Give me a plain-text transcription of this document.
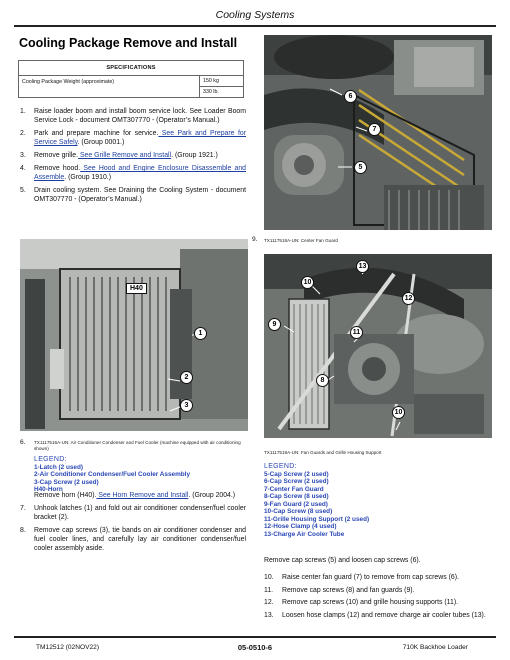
Cooling Systems
Cooling Package Remove and Install
SPECIFICATIONS
Cooling Package Weight (approximate)	150 kg
330 lb.
1.	Raise loader boom and install boom service lock. See Loader Boom Service Lock - document OMT307770 - (Operator’s Manual.)
2.	Park and prepare machine for service. See Park and Prepare for Service Safely. (Group 0001.)
3.	Remove grille. See Grille Remove and Install. (Group 1921.)
4.	Remove hood. See Hood and Engine Enclosure Disassemble and Assemble. (Group 1910.)
5.	Drain cooling system. See Draining the Cooling System - document OMT307770 - (Operator’s Manual.)
6
7
5
9. TX1117518A-UN: Center Fan Guard
H40
1
2
3
6. TX1117516A-UN: Air Conditioner Condenser and Fuel Cooler (machine equipped with air conditioning shown)
LEGEND:
1-Latch (2 used)
2-Air Conditioner Condenser/Fuel Cooler Assembly
3-Cap Screw (2 used)
H40-Horn
Remove horn (H40). See Horn Remove and Install. (Group 2004.)
7.	Unhook latches (1) and fold out air conditioner condenser/fuel cooler bracket (2).
8.	Remove cap screws (3), tie bands on air conditioner condenser and fuel cooler lines, and carefully lay air conditioner condenser/fuel cooler assembly aside.
10
13
12
9
11
8
10
TX1117519A-UN: Fan Guards and Grille Housing Support
LEGEND:
5-Cap Screw (2 used)
6-Cap Screw (2 used)
7-Center Fan Guard
8-Cap Screw (8 used)
9-Fan Guard (2 used)
10-Cap Screw (8 used)
11-Grille Housing Support (2 used)
12-Hose Clamp (4 used)
13-Charge Air Cooler Tube
Remove cap screws (5) and loosen cap screws (6).
10.	Raise center fan guard (7) to remove from cap screws (6).
11.	Remove cap screws (8) and fan guards (9).
12.	Remove cap screws (10) and grille housing supports (11).
13.	Loosen hose clamps (12) and remove charge air cooler tubes (13).
TM12512 (02NOV22)	05-0510-6	710K Backhoe Loader
